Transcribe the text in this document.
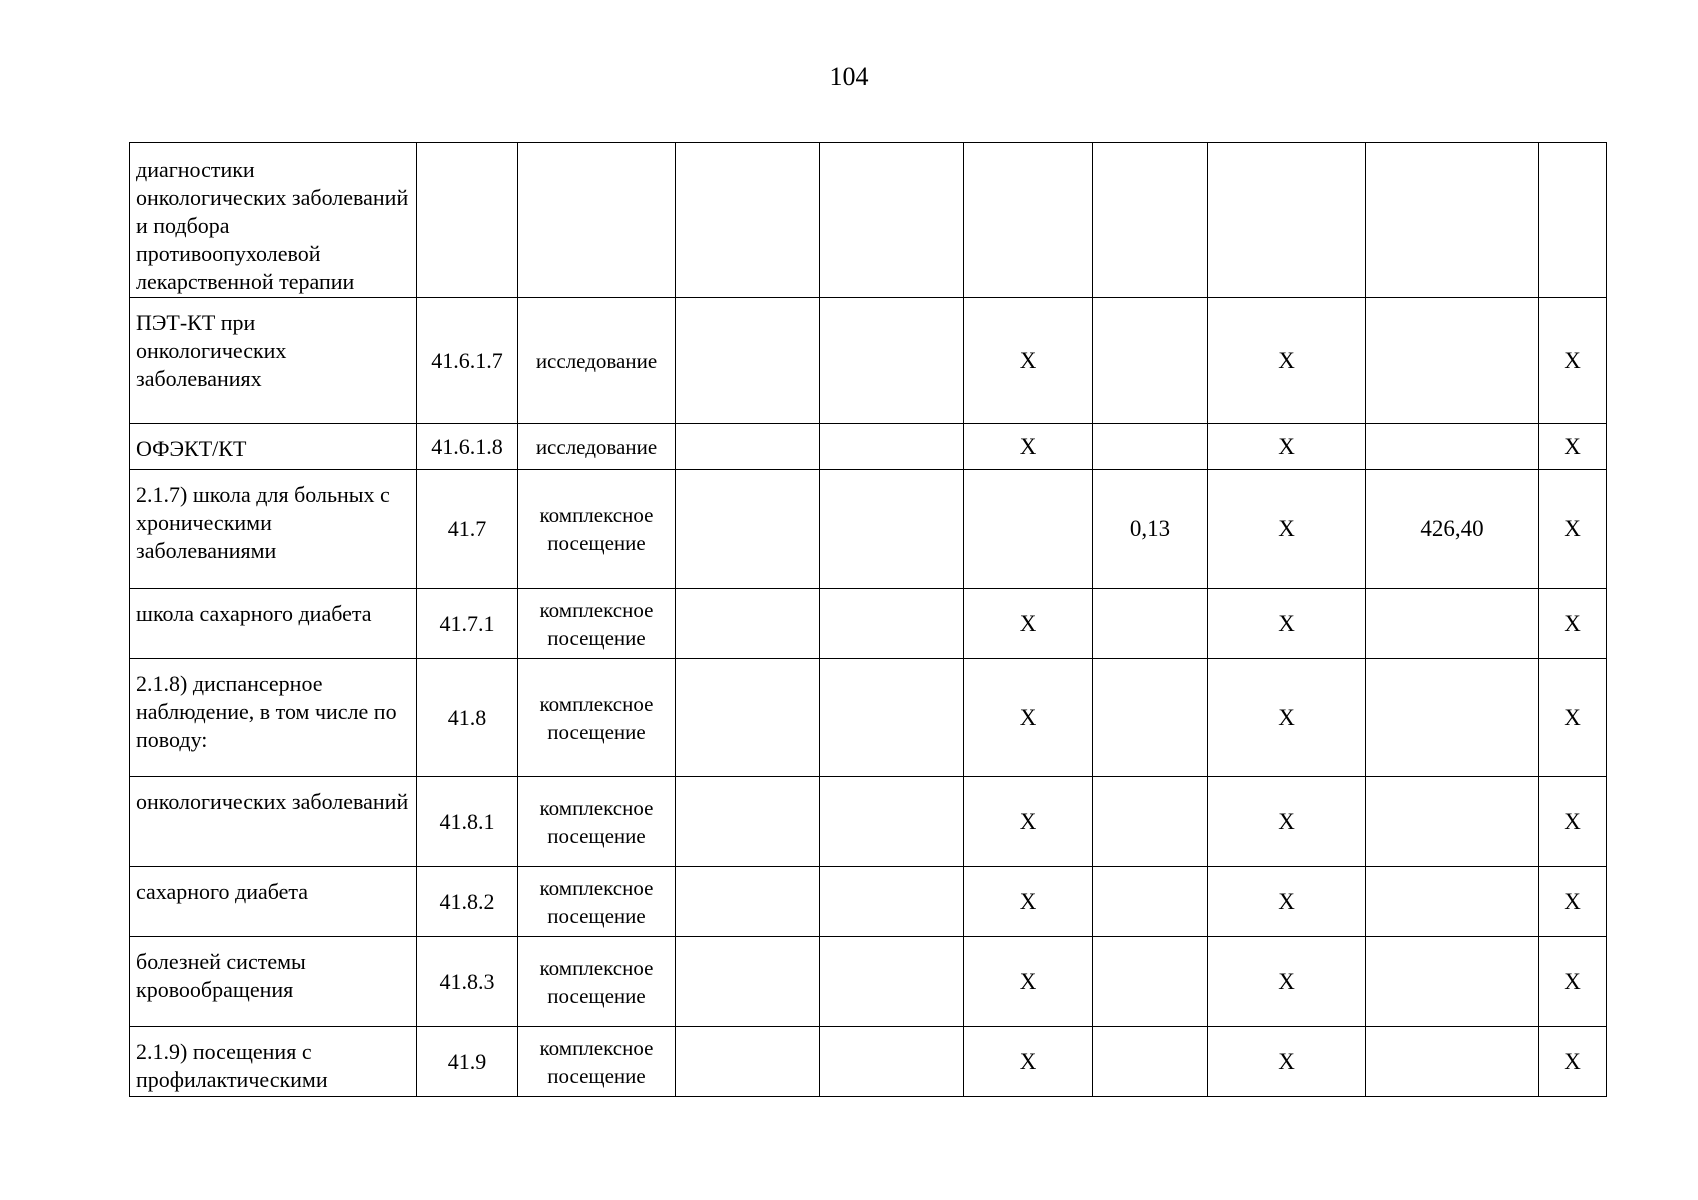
104
диагностики онкологических заболеваний и подбора противоопухолевой лекарственной терапии									
ПЭТ-КТ при онкологических заболеваниях	41.6.1.7	исследование			X		X		X
ОФЭКТ/КТ	41.6.1.8	исследование			X		X		X
2.1.7) школа для больных с хроническими заболеваниями	41.7	комплексное посещение				0,13	X	426,40	X
школа сахарного диабета	41.7.1	комплексное посещение			X		X		X
2.1.8) диспансерное наблюдение, в том числе по поводу:	41.8	комплексное посещение			X		X		X
онкологических заболеваний	41.8.1	комплексное посещение			X		X		X
сахарного диабета	41.8.2	комплексное посещение			X		X		X
болезней системы кровообращения	41.8.3	комплексное посещение			X		X		X
2.1.9) посещения с профилактическими	41.9	комплексное посещение			X		X		X
